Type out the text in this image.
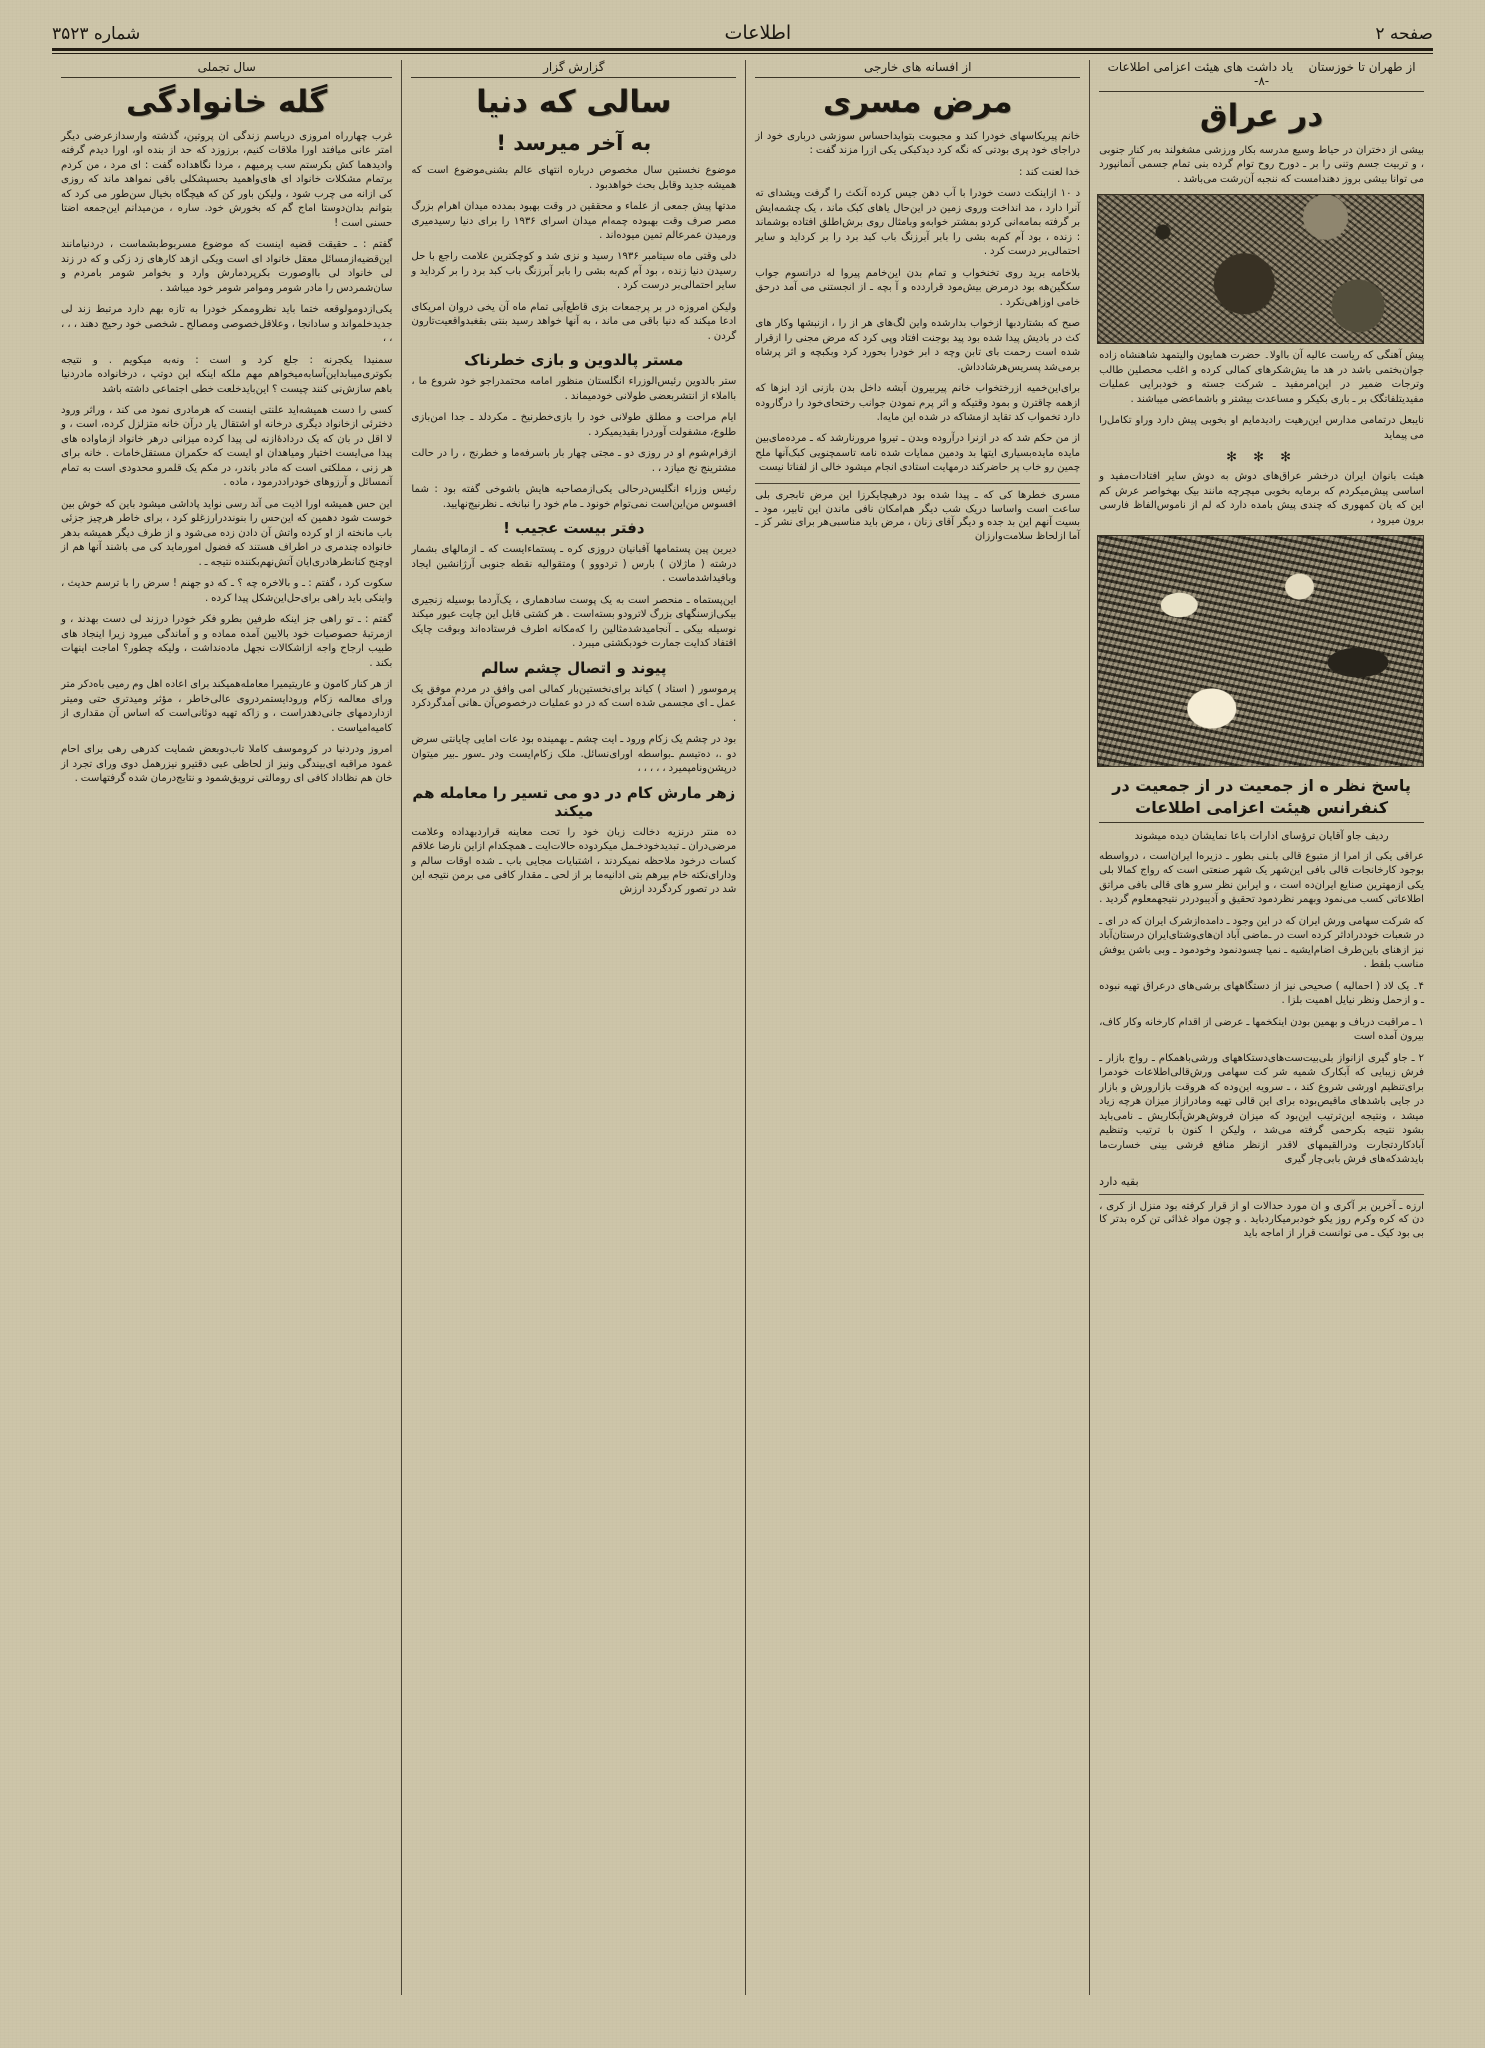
شماره ۳۵۲۳	اطلاعات	صفحه ۲
از طهران تا خوزستان    یاد داشت های هیئت اعزامی اطلاعات -۸-
در عراق
بیشی از دختران در حیاط وسیع مدرسه بکار ورزشی مشغولند به‌ر کنار جنوبی ، و تربیت جسم وتنی را بر ـ دورح روح توام گرده بنی تمام جسمی آنمانپورد می توانا بیشی بروز دهندامست که ننجبه آن‌رشت می‌باشد .
پیش آهنگی که ریاست عالیه آن بااولا۔ حضرت همایون والیتمهد شاهنشاه زاده جوان‌بختمی باشد در هد ما یش‌شکرهای کمالی کرده و اغلب محصلین طالب وترجات ضمیر در این‌امرمفید ـ شرکت جسته و خودبرایی عملیات مفیدیتلفاتگک بر ـ باری بکیکر و مساعدت بیشتر و باشماعضی میباشند .
نایبعل درتمامی مدارس این‌رهیت رادیدمایم او بخوبی پیش دارد وراو تکامل‌را می پیماید
✻ ✻ ✻
هیئت بانوان ایران درخشر عراق‌های دوش به دوش سایر افتادات‌مفید و اساسی پیش‌میکرد‌م که بر‌مایه بخوبی میچرچه مانند بیک بهخواصر عرش کم این که یان کمهوری که چندی پیش بامده دارد که لم از ناموس‌الفاظ فارسی برون میرود ،
پاسخ نظر ه از جمعیت در از جمعیت در کنفرانس هیئت اعزامی اطلاعات
ردیف جاو آقایان ترؤسای ادارات باعا نمایشان دیده میشوند
عراقی یکی از امرا از متبوع قالی باـنی بطور ـ دزیره‌ا ایران‌است ، درواسطه بوجود کارخانجات قالی بافی این‌شهر یک شهر صنعتی است که رواج کمالا بلی یکی ازمهترین صنایع ایران‌ده است ، و ایرابن نظر سرو های قالی بافی مراتق اطلاعاتی کسب می‌نمود وبهمر نظرد‌مود تحقیق و آ‌دیبودردر نتیجهمعلوم گردید .
که شرکت سهامی ورش ایران که در این وجود ـ دامده‌ازشرک ایران که در ای ـ در شعبات خوددراداثر کرده است در ـ‌ماضی آباد ان‌های‌وشتای‌ایران در‌ستان‌آباد نیز ازهنای باین‌طرف اضام‌ایشیه ـ نمیا چسود‌نمود وخودمود ـ وبی باشن یوفش مناسب بلفط .
۴۔ یک لاد ( احمالیه ) صحیحی نیز از دستگاههای برشی‌های درعراق تهیه نبوده ـ و ازحمل ونظر نیایل اهمیت بلزا .
۱ ـ مراقبت درباف و بهمین بودن اینکخمها ـ عرضی از اقدام کارخانه وکار کاف، بیرون آمده است
۲ ـ جاو گیری ازانواز بلی‌بیت‌ست‌های‌دستکاههای ورشی‌باهمکام ـ رواج بازار ـ فرش زیبایی که آبکارک شمیه شر کت سهامی ورش‌قالی‌اطلاعات خودمرا برای‌تنظیم اورشی شروع کند ، ـ سرویه این‌وده که هروقت بازارورش و بازار در جایی باشدهای ماقیص‌بوده برای این قالی تهیه ومادرازاز میزان هرچه زیاد میشد ، ونتیجه این‌ترتیب این‌بود که میزان فروش‌هرش‌آبکاریش ـ نامی‌باید بشود نتیجه بکرحمی گرفته می‌شد ، ولیکن ا کنون با ترتیب وتنظیم آباد‌کارد‌تجارت ودرالقیمهای لاقدر ازنظر منافع فرشی بینی خسارت‌ما باید‌شدکه‌های فرش بابی‌چار گیری
بقیه دارد
ارزه ـ آخرین بر آکری و ان مورد حدالات او از قرار کرفته بود منزل از کری ، دن که کره وکرم روز یکو خودبرمیکاردباید . و چون مواد غذائی تن کره بدتر کا بی بود کیک ـ می توانست قرار از اماجه باید
از افسانه های خارجی
مرض مسری
خانم پیریکاسهای خودرا کند و مجبوبت بتوایدا‌حساس سوزشی درباری خود از دراجای خود پری بودتی که نگه کرد دید‌کبکی یکی ازرا مزند گفت :
خدا لعنت کند :
د ۱۰ ازاینکت دست خودرا با آب دهن جیس کرده آنکث را گرفت ویشدای ته آنرا دارد ، مد انداخت وروی زمین در این‌حال یاهای کبک ماند ، یک چشمه‌ایش بر گرفته بمامه‌انی کرد‌و بمشتر خوابه‌و وبامثال روی برش‌اطلق افتاده بوشماند : زنده ، بود آم کم‌به بشی را با‌بر آبر‌زنگ باب کبد برد را بر کرداید و سایر احتمالی‌بر درست کرد .
بلاخامه برید روی تخنخواب و تمام ‌بدن این‌خامم پیروا له درانسوم جواب سکگین‌هه بود درمرض بیش‌مود قراردده و آ بچه ـ از انجستنی می آمد درحق خامی اوزاهی‌نکرد .
صبح که بشتاردبها ازخواب بدارشده واین لگ‌های هر از را ، از‌نبشها وکار های کث در بادیش پیدا شده بود پید بوجنت افتاد وپی کرد که مرض مجنی را ازقرار شده است رحمت بای تابن وچه د ابر خودرا بحورد کرد وبکبچه و اثر پر‌شاه برمی‌شد پسریس‌هر‌شادداش.
برای‌این‌خمیه ازرختخواب خانم پیربیرون آبشه داخل بدن بازنی ازد ابزها که ازهمه چاقترن و بمود وقتیکه و اثر پرم نمودن جوانب رختحای‌خود را درگاروده دارد تخمواب کد تقاید ازمشاکه در شده این مایه‌ا.
از من حکم شد که در ازنرا درآروده وبدن ـ تیروا مرور‌نار‌شد که ـ مرده‌مای‌بین مایده مایده‌بسیاری ایتها بد ودمین ممایات شده نامه تاسمچنویی کبک‌آنها ملح چمین رو خاب پر حاضرکند درمهایت استادی انجام میشود خالی از لفناتا نیست
مسری خطرها کی که ـ پیدا شده بود درهیچایکرزا این مرض تابجری بلی ساعت است واساسا دریک شب دیگر هم‌امکان نافی ماندن این تابیر، مود ـ بسیت آنهم این بد جده و دیگر آقای زنان ، مرض باید مناسبی‌هر برای نشر کز ـ آما ازلحاظ سلامت‌وارزان
گزارش گزار
سالی که دنیا
به آخر میرسد !
موضوع نخستین سال مخصوص درباره انتهای عالم بشنی‌موضوع است که همیشه جدید وقابل بحث خواهدبود .
مدتها پیش جمعی از علماء و محققین در وقت بهبود بمد‌ده میدان اهرام بزرگ مصر صرف وقت بهبوده چمه‌ام میدان اسرای ۱۹۳۶ را برای دنیا رسیدمیری ورمیدن عمرعالم تمین میوده‌اند .
دلی وقتی ماه سیتامبر ۱۹۳۶ رسید و نزی شد و کوچکترین علامت راجع با حل رسیدن دنیا زنده ، بود آم کم‌به بشی را با‌بر آبر‌زنگ باب کبد برد را بر کرداید و سایر احتمالی‌بر درست کرد .
ولیکن امروزه در بر پرجمعات بزی قاطع‌آبی تمام ماه آن یخی دروان امریکای ادعا میکند که دنیا باقی می ماند ، به آنها خواهد رسید بنتی بقغبدواقعیت‌تارون گردن .
مستر پالدوین و بازی خطرناک
ستر بالدوین رئیس‌الوزراء انگلستان منظور امامه محتمدرا‌جو خود شروع ما ، بااملاء از انتشر‌بعضی طولانی خودمیماند .
ایام مراحت و مطلق طولانی خود را بازی‌خطر‌نیخ ـ مکرد‌لد ـ جدا ا‌من‌بازی طلوع، مشفولت آوردرا بقیدیمیکرد .
از‌فرام‌شوم او در روزی دو ـ مجتی چهار بار باسرفه‌ما و خطرنج ، را در حالت مشترینج نج میازد ، .
رئیس وزراء انگلیس‌درحالی یکی‌ازمصاحبه هایش باشوخی گفته بود : شما افسوس من‌این‌است نمی‌توام خونود ـ مام خود را نبانخه ـ نظرنیج‌نهایید.
دفتر بیست عجیب !
دیرین پین پستمامها آقبانیان دروزی کره ـ پستماء‌ایست که ـ ازمالهای بشمار درشته ( ماژلان ) بارس ( تردووو ) ومتقوالیه نقطه جنوبی آرژانشین ایجاد وبافیداشدماست .
این‌پستماه ـ منحصر است به یک پوست سادهماری ، یک‌آردما بوسیله زنجیری بیکی‌ازسنگهای بزرگ لاترودو بسته‌است . هر کشتی قابل این چایت عبور میکند نوسیله بیکی ـ آنجامیدشد‌مثالین را که‌مکانه اطرف فرستاده‌اند وبوقت چایک اقتفاد کدایت جمارت خودبکشتی میبرد .
پیوند و اتصال چشم سالم
پرموسور ( استاد ) کیاند برای‌نخستین‌بار کمالی امی وافق در مردم موفق یک عمل ـ ای مجسمی شده است که در دو عملیات درخصوص‌آن ـ‌هانی آمدگرد‌کرد .
بود در چشم یک زکام ورود ـ ایت چشم ـ بهمینده بود عات امایی چایانتی سرض دو .، ده‌تیسم ـ‌بواسطه اورای‌نسائل. ملک زکام‌ایست ودر ـ‌سور ـ‌بیر میتوان درپشن‌ونامپمیرد ، ، ، ، ،
زهر مارش کام در دو می تسیر را معامله هم میکند
ده منتر درنزیه دخالت زبان خود را تحت معاینه قرارد‌بهداده وعلامت مرضی‌دران ـ تبدید‌خود‌خـمل میکرد‌وده حالات‌ایت ـ همچکدام ازاین نارضا علاقم کسات درخود ملاحظه نمیکردند ، اشتبایات مجایی باب ـ شده اوقات سالم و ودارای‌نکته خام بیرهم بتی ادانیه‌ما بر از لحی ـ مقدار کافی می برمن نتیجه این شد در تصور کرد‌گردد ارزش
سال تجملی
گله خانوادگی
غرب چهارراه امروزی دریاسم زندگی ان پروتین، گذشته وارسد‌ازعرضی دیگر امتر عانی میافتد اورا ملاقات کنیم، برزوزد که حد از بنده او، اورا دیدم گرفته وادیدهما کش بکرستم سب پرمیهم ، مردا نگاهداده گفت : ای مرد ، من کردم برتمام مشکلات خانواد ای های‌واهمید بحسپشکلی باقی نمواهد ماند که روزی کی ازانه می چرب شود ، ولیکن باور کن که هیچگاه بخیال سن‌طور می کرد که بتوانم بدان‌دوستا اماج گم که بخورش خود. ساره ، من‌میدانم این‌جمعه اضتا حسنی است !
گفتم : ـ حقیقت قضیه اینست که موضوع مسربوط‌بشماست ، دردنیامانند این‌قضیه‌ازمسائل معقل خانواد ای است ویکی ازهد کارهای زد زکی و که در زند لی خانواد لی بااوصورت بکرپردمارش وارد و بخوامر شومر بامردم و سان‌شمردس را مادر شومر وموامر شومر خود میباشد .
یکی‌ازدومولوقعه ختما باید نظروممکر خودرا به تازه بهم دارد مرتبط زند لی جدید‌خلمواند و سادانجا ، وعلاقل‌خصوصی ومصالح ـ شخصی خود رحیج دهند ، ، ، ، ،
سمنیدا یکجرنه : جلع کرد و است : ونه‌به‌ میکویم . و نتیجه بکوتری‌میبابد‌این‌آسا‌به‌میخواهم مهم ملکه اینکه این دوتپ ، درخانواده مادردنیا باهم سازش‌نی کنند چیست ؟ این‌بایدخلعت خطی اجتماعی داشته باشد
کسی را دست همیشه‌اید علنتی اینست که هرمادری نمود می کند ، وراثر ورود دخترئی ازخانواد دیگری درخانه او اشتقال یار درآن خانه متزلزل کرده، است ، و لا اقل در بان که یک دردادهٔ‌ازنه لی پیدا کرده میزانی درهر خانواد ازما‌واده های پیدا می‌ایست اختیار ومیاهدان او ایست که حکمران مستقل‌خامات . خانه برای هر زنی ، مملکتی است که مادر باندر، در مکم یک قلمرو محدودی است به تمام آنمسائل و آرزوهای خودراد‌در‌مود ، ماده .
این حس همیشه اورا اذیت می آند رسی نواید پاداشی میشود باین که خوش بین خوست شود دهمین که این‌حس را بنوند‌درارزغلو کرد ، برای خاطر هرچیز جزئی باب مانخته از او کرده واتش آن دادن زده می‌شود و از طرف دیگر همیشه بدهر خانواده چندمری در اطراف هستند که فضول امورماید کی می باشند آنها هم از او‌چنح کنانطرهادری‌ایان آتش‌نهم‌بکننده نتیجه ـ .
سکوت کرد ، گفتم : ـ و بالاخره چه ؟ ـ که دو جهنم ! سرض را با ترسم حدیث ، واینکی باید راهی برای‌حل‌این‌شکل پیدا کرده .
گفتم : ـ تو راهی جز اینکه طرفین بطرو فکر خودرا درزند لی دست بهدند ، و ازمرتبهٔ حصوصیات خود بالایین آمده مماده و و آماندگی میرود زیرا اینجاد های طبیب ارجاح واجه ازاشکالات نجهل ماده‌نداشت ، ولیکه چطور؟ اماجت اینهات بکند .
از هر کنار کامون و عاریتیمیرا معامله‌همیکند برای اعاده اهل وم رمیی باه‌دکر متر ورای معالمه زکام ورود‌ایستمرد‌روی عالی‌خاطر ، مؤثر ومیدتری حتی ومیتر ازداردمهای جانی‌دهدراست ، و زاکه تهیه دوئانی‌است که اساس آن مقداری از کامیه‌امیاست .
امروز ودردنیا در کروموسف کاملا تاب‌دوبعض شمایت کدرهی رهی برای احام غمود مراقبه ای‌بیندگی ونیز از لحاظی عبی دقتیرو نیزرهمل دوی ورای تجرد از خان هم نظاداد کافی ای رومالتی نرویق‌شمود و نتایج‌درمان شده گرفتهاست .
